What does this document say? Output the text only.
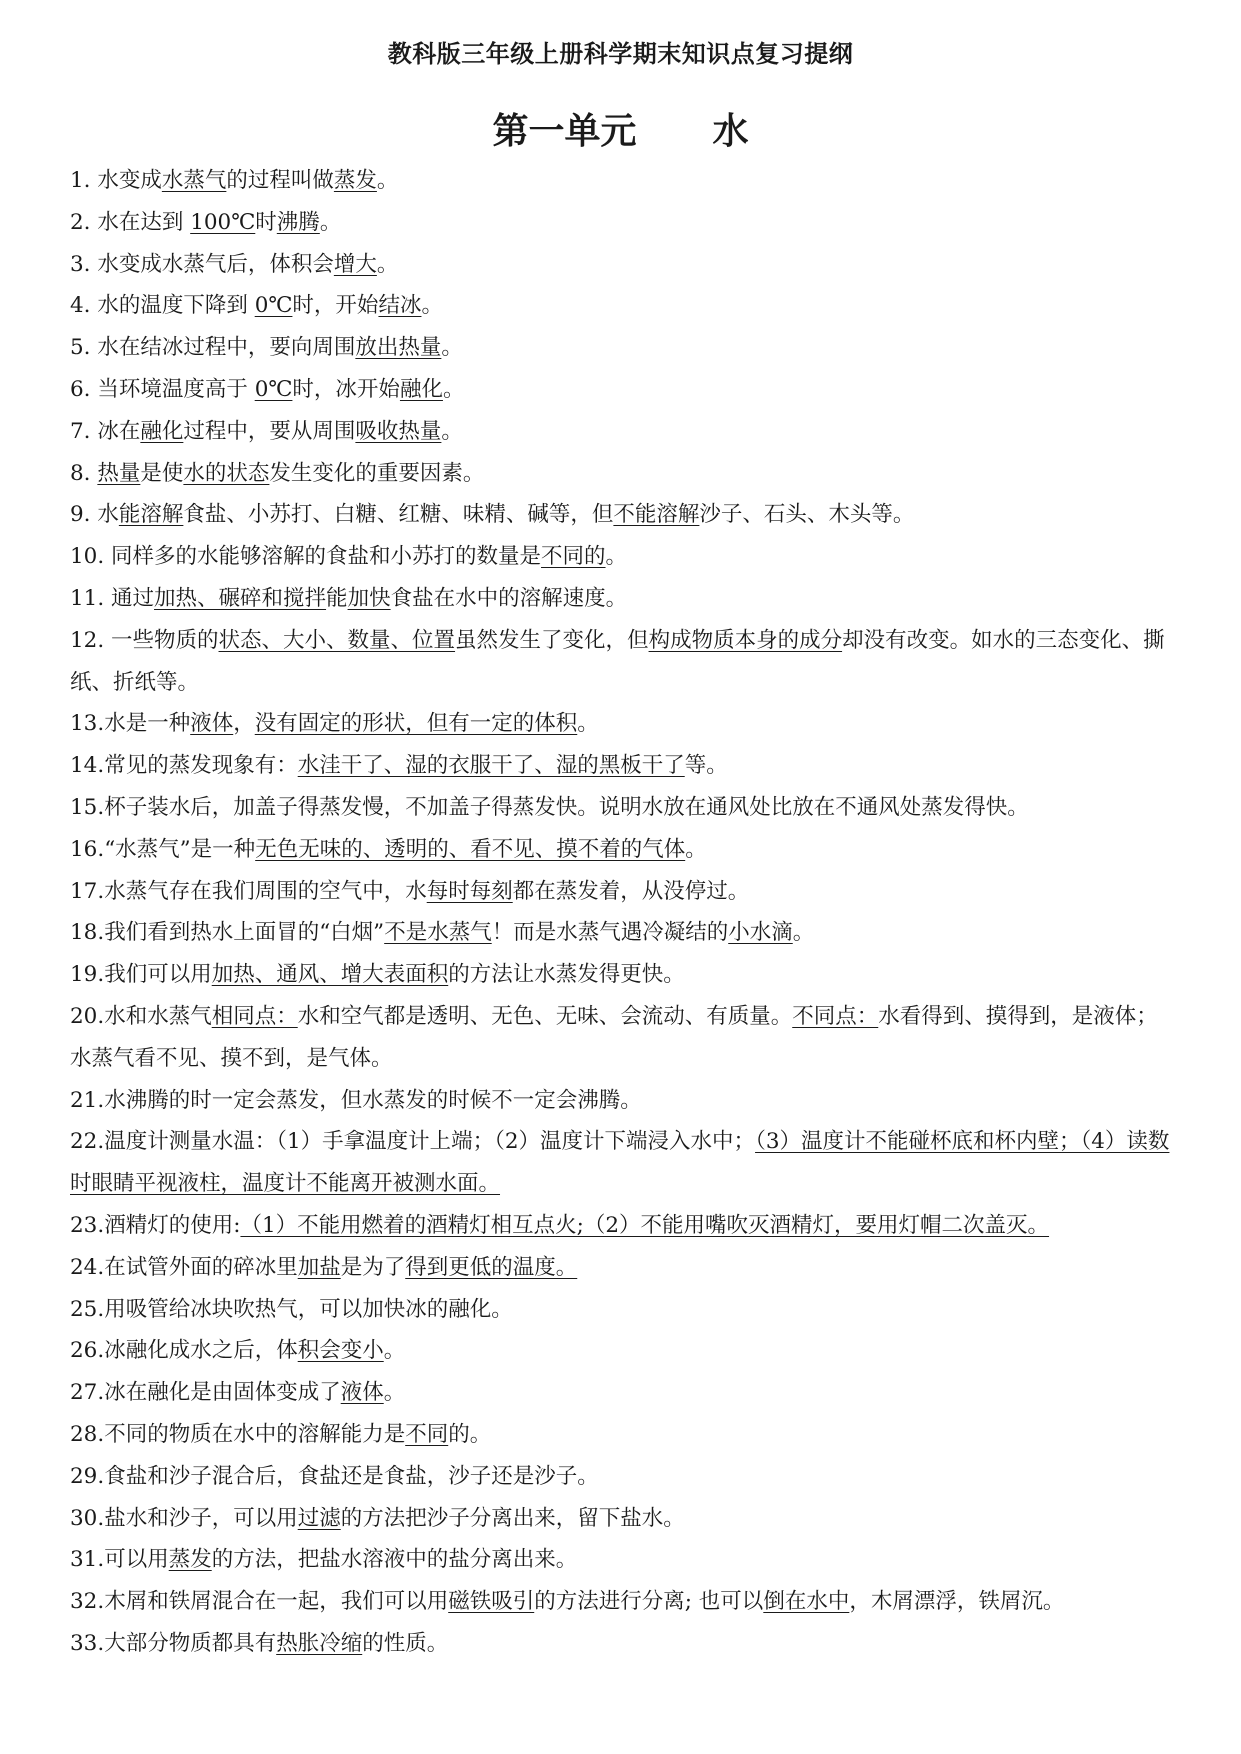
教科版三年级上册科学期末知识点复习提纲
第一单元 水

1. 水变成水蒸气的过程叫做蒸发。

2. 水在达到 100℃时沸腾。

3. 水变成水蒸气后，体积会增大。

4. 水的温度下降到 0℃时，开始结冰。

5. 水在结冰过程中，要向周围放出热量。

6. 当环境温度高于 0℃时，冰开始融化。

7. 冰在融化过程中，要从周围吸收热量。

8. 热量是使水的状态发生变化的重要因素。

9. 水能溶解食盐、小苏打、白糖、红糖、味精、碱等，但不能溶解沙子、石头、木头等。

10. 同样多的水能够溶解的食盐和小苏打的数量是不同的。

11. 通过加热、碾碎和搅拌能加快食盐在水中的溶解速度。

12. 一些物质的状态、大小、数量、位置虽然发生了变化，但构成物质本身的成分却没有改变。如水的三态变化、撕纸、折纸等。

13.水是一种液体，没有固定的形状，但有一定的体积。

14.常见的蒸发现象有：水洼干了、湿的衣服干了、湿的黑板干了等。

15.杯子装水后，加盖子得蒸发慢，不加盖子得蒸发快。说明水放在通风处比放在不通风处蒸发得快。

16.“水蒸气”是一种无色无味的、透明的、看不见、摸不着的气体。

17.水蒸气存在我们周围的空气中，水每时每刻都在蒸发着，从没停过。

18.我们看到热水上面冒的“白烟”不是水蒸气！而是水蒸气遇冷凝结的小水滴。

19.我们可以用加热、通风、增大表面积的方法让水蒸发得更快。

20.水和水蒸气相同点：水和空气都是透明、无色、无味、会流动、有质量。不同点：水看得到、摸得到，是液体；水蒸气看不见、摸不到，是气体。

21.水沸腾的时一定会蒸发，但水蒸发的时候不一定会沸腾。

22.温度计测量水温：（1）手拿温度计上端；（2）温度计下端浸入水中；（3）温度计不能碰杯底和杯内壁；（4）读数时眼睛平视液柱，温度计不能离开被测水面。

23.酒精灯的使用:（1）不能用燃着的酒精灯相互点火;（2）不能用嘴吹灭酒精灯，要用灯帽二次盖灭。

24.在试管外面的碎冰里加盐是为了得到更低的温度。

25.用吸管给冰块吹热气，可以加快冰的融化。

26.冰融化成水之后，体积会变小。

27.冰在融化是由固体变成了液体。

28.不同的物质在水中的溶解能力是不同的。

29.食盐和沙子混合后，食盐还是食盐，沙子还是沙子。

30.盐水和沙子，可以用过滤的方法把沙子分离出来，留下盐水。

31.可以用蒸发的方法，把盐水溶液中的盐分离出来。

32.木屑和铁屑混合在一起，我们可以用磁铁吸引的方法进行分离; 也可以倒在水中，木屑漂浮，铁屑沉。

33.大部分物质都具有热胀冷缩的性质。
